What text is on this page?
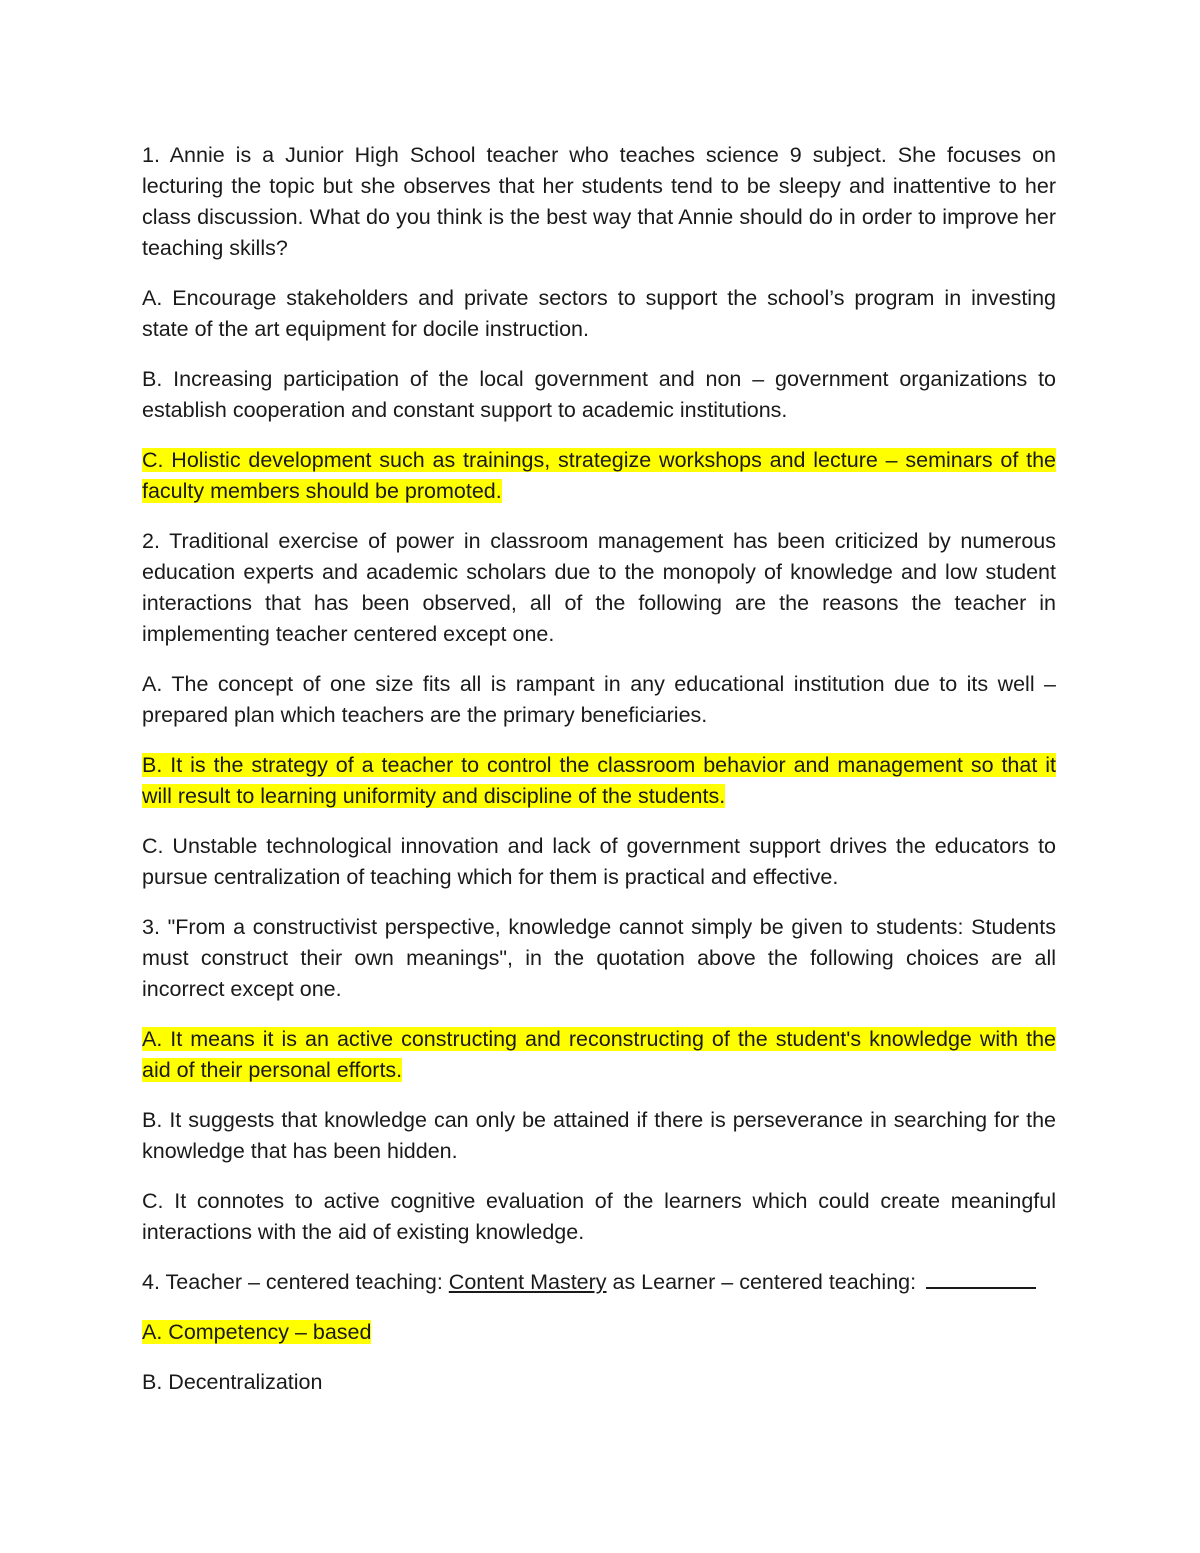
1. Annie is a Junior High School teacher who teaches science 9 subject. She focuses on lecturing the topic but she observes that her students tend to be sleepy and inattentive to her class discussion. What do you think is the best way that Annie should do in order to improve her teaching skills?

A. Encourage stakeholders and private sectors to support the school’s program in investing state of the art equipment for docile instruction.

B. Increasing participation of the local government and non – government organizations to establish cooperation and constant support to academic institutions.

C. Holistic development such as trainings, strategize workshops and lecture – seminars of the faculty members should be promoted.

2. Traditional exercise of power in classroom management has been criticized by numerous education experts and academic scholars due to the monopoly of knowledge and low student interactions that has been observed, all of the following are the reasons the teacher in implementing teacher centered except one.

A. The concept of one size fits all is rampant in any educational institution due to its well – prepared plan which teachers are the primary beneficiaries.

B. It is the strategy of a teacher to control the classroom behavior and management so that it will result to learning uniformity and discipline of the students.

C. Unstable technological innovation and lack of government support drives the educators to pursue centralization of teaching which for them is practical and effective.

3. "From a constructivist perspective, knowledge cannot simply be given to students: Students must construct their own meanings", in the quotation above the following choices are all incorrect except one.

A. It means it is an active constructing and reconstructing of the student's knowledge with the aid of their personal efforts.

B. It suggests that knowledge can only be attained if there is perseverance in searching for the knowledge that has been hidden.

C. It connotes to active cognitive evaluation of the learners which could create meaningful interactions with the aid of existing knowledge.

4. Teacher – centered teaching: Content Mastery as Learner – centered teaching:

A. Competency – based

B. Decentralization
